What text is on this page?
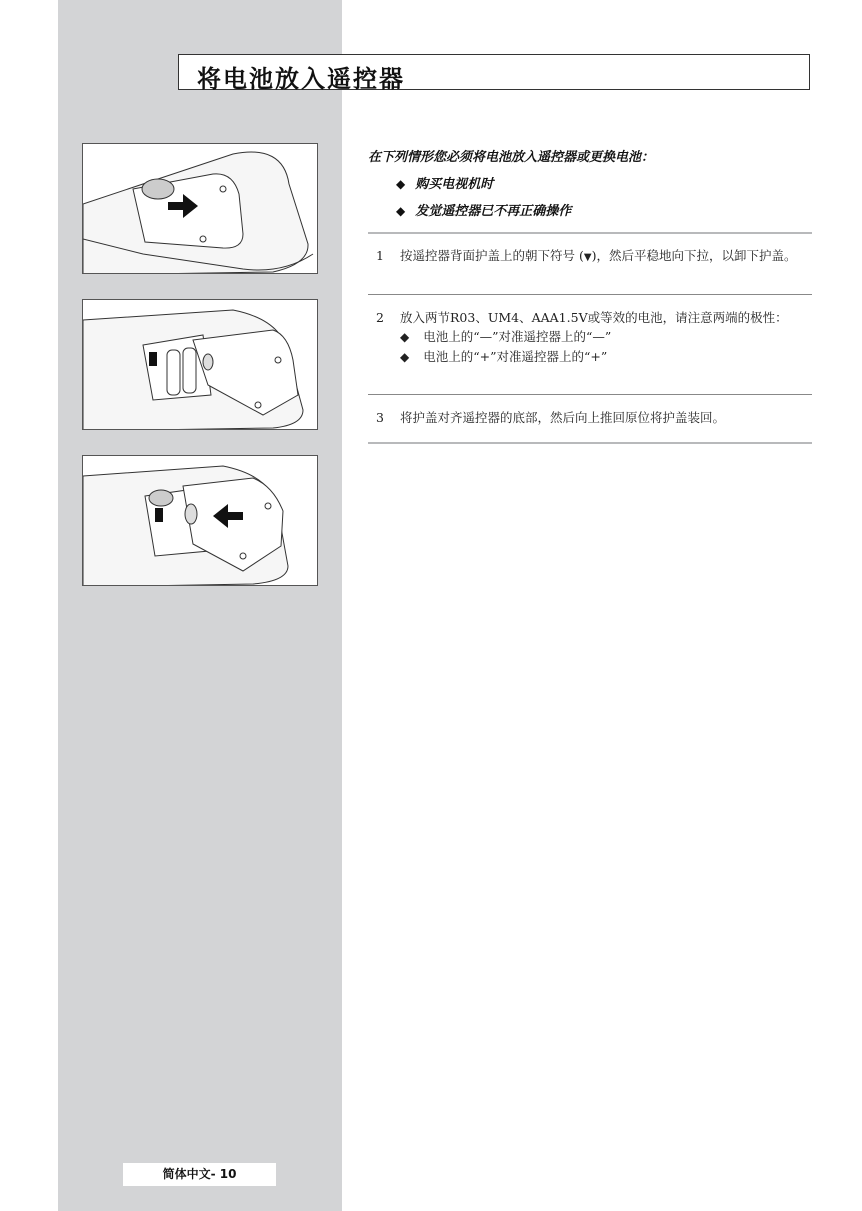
将电池放入遥控器
在下列情形您必须将电池放入遥控器或更换电池：
◆ 购买电视机时
◆ 发觉遥控器已不再正确操作
1 按遥控器背面护盖上的朝下符号 (▼)，然后平稳地向下拉，以卸下护盖。
2 放入两节R03、UM4、AAA1.5V或等效的电池，请注意两端的极性：
◆ 电池上的“—”对准遥控器上的“—”
◆ 电池上的“+”对准遥控器上的“+”
3 将护盖对齐遥控器的底部，然后向上推回原位将护盖装回。
简体中文- 10
